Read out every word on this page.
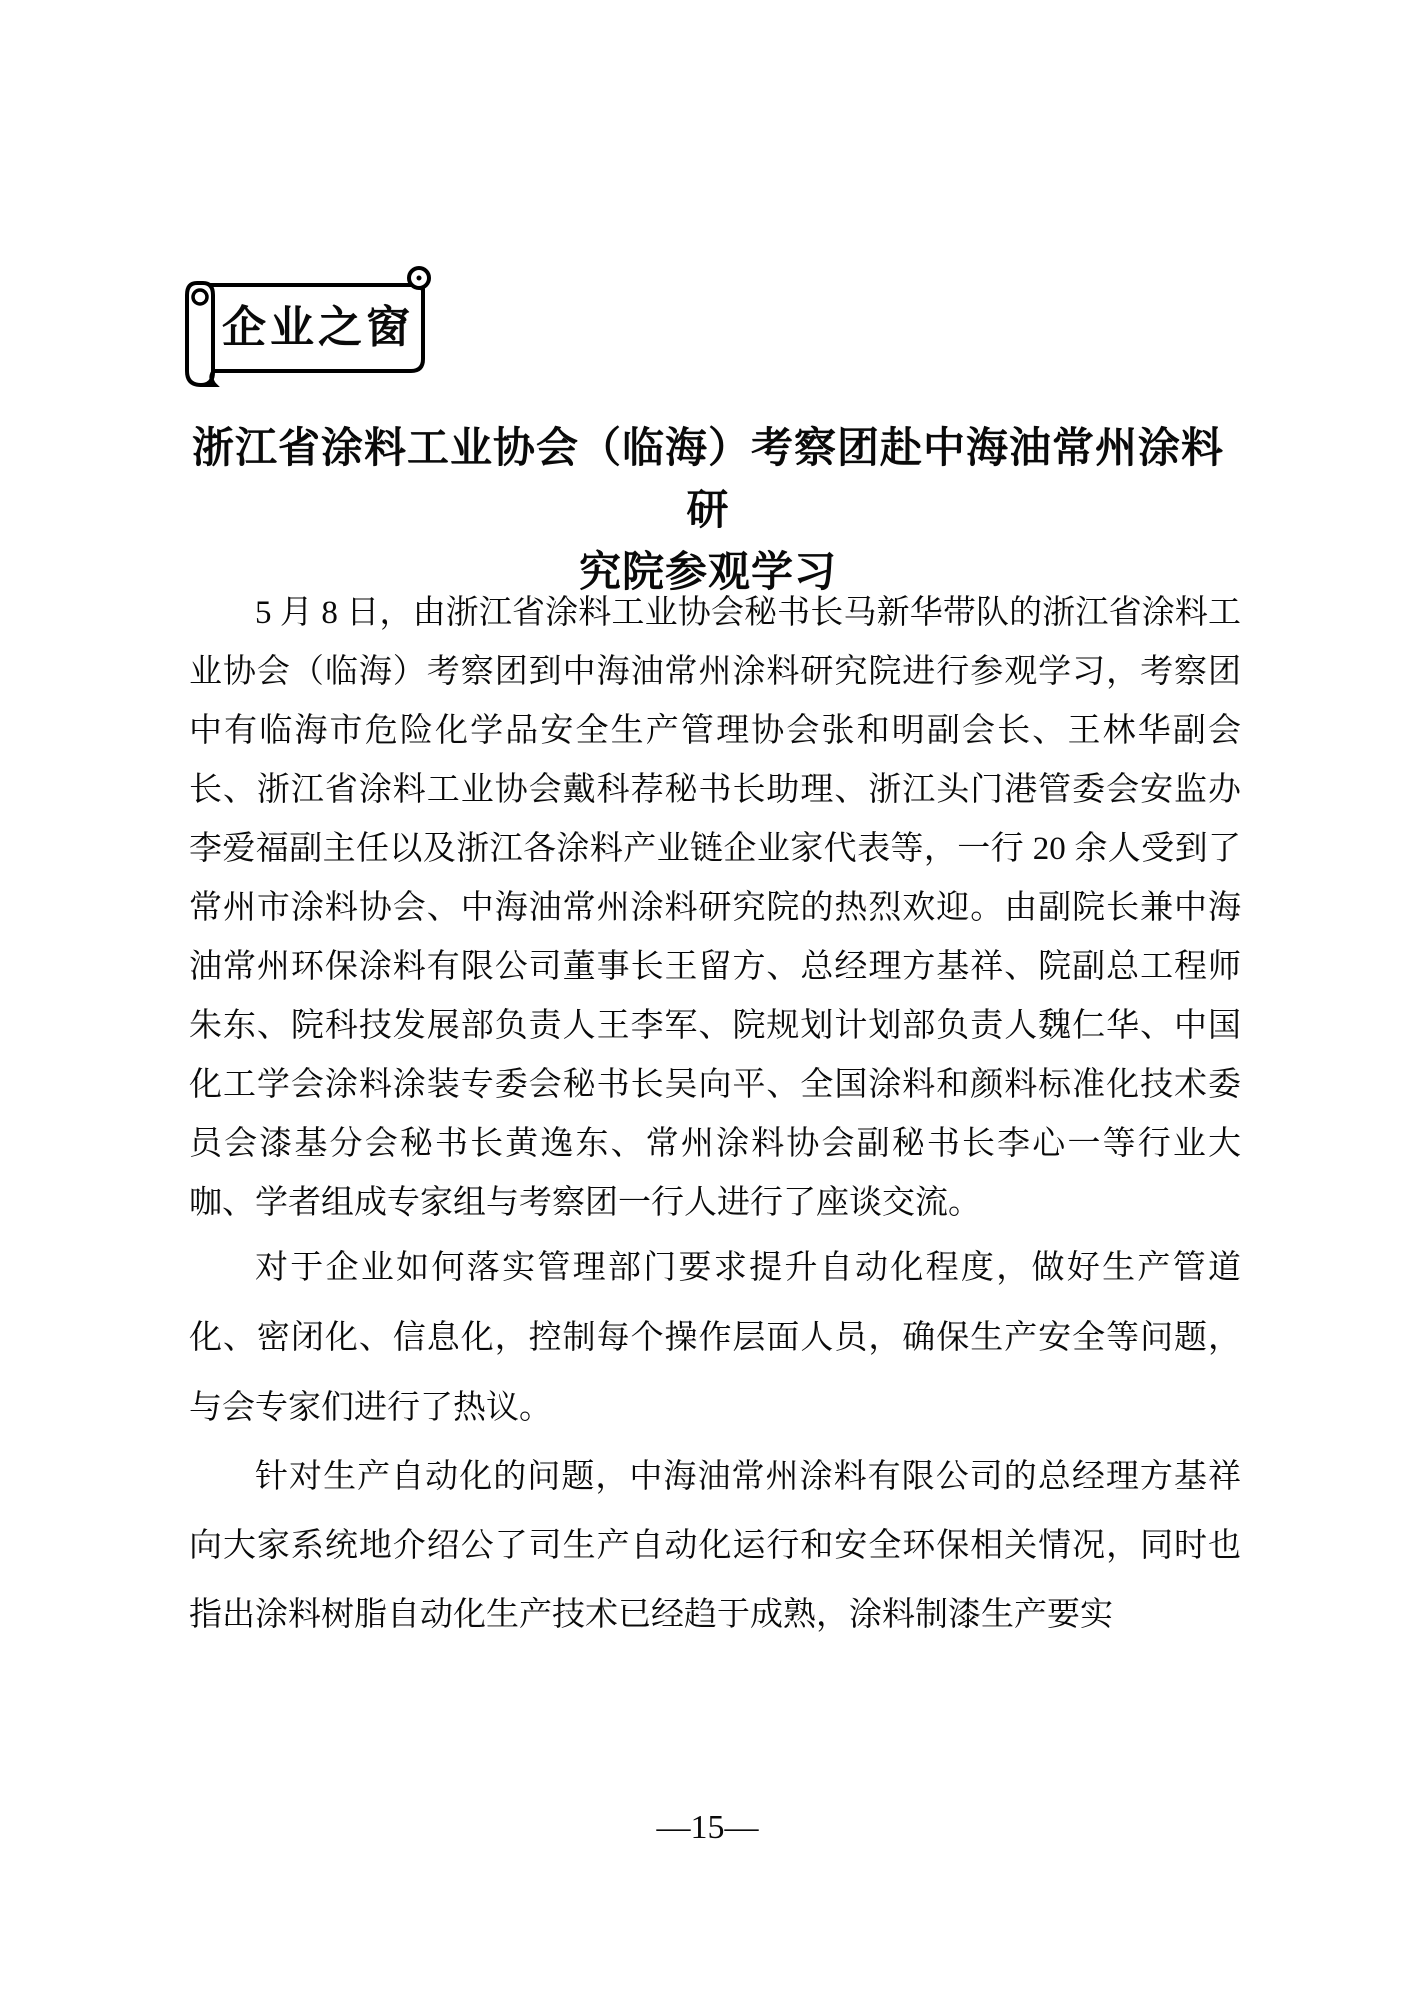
企业之窗
浙江省涂料工业协会（临海）考察团赴中海油常州涂料研
究院参观学习

5 月 8 日，由浙江省涂料工业协会秘书长马新华带队的浙江省涂料工业协会（临海）考察团到中海油常州涂料研究院进行参观学习，考察团中有临海市危险化学品安全生产管理协会张和明副会长、王林华副会长、浙江省涂料工业协会戴科荐秘书长助理、浙江头门港管委会安监办李爱福副主任以及浙江各涂料产业链企业家代表等，一行 20 余人受到了常州市涂料协会、中海油常州涂料研究院的热烈欢迎。由副院长兼中海油常州环保涂料有限公司董事长王留方、总经理方基祥、院副总工程师朱东、院科技发展部负责人王李军、院规划计划部负责人魏仁华、中国化工学会涂料涂装专委会秘书长吴向平、全国涂料和颜料标准化技术委员会漆基分会秘书长黄逸东、常州涂料协会副秘书长李心一等行业大咖、学者组成专家组与考察团一行人进行了座谈交流。

对于企业如何落实管理部门要求提升自动化程度，做好生产管道化、密闭化、信息化，控制每个操作层面人员，确保生产安全等问题，与会专家们进行了热议。

针对生产自动化的问题，中海油常州涂料有限公司的总经理方基祥向大家系统地介绍公了司生产自动化运行和安全环保相关情况，同时也指出涂料树脂自动化生产技术已经趋于成熟，涂料制漆生产要实

—15—
